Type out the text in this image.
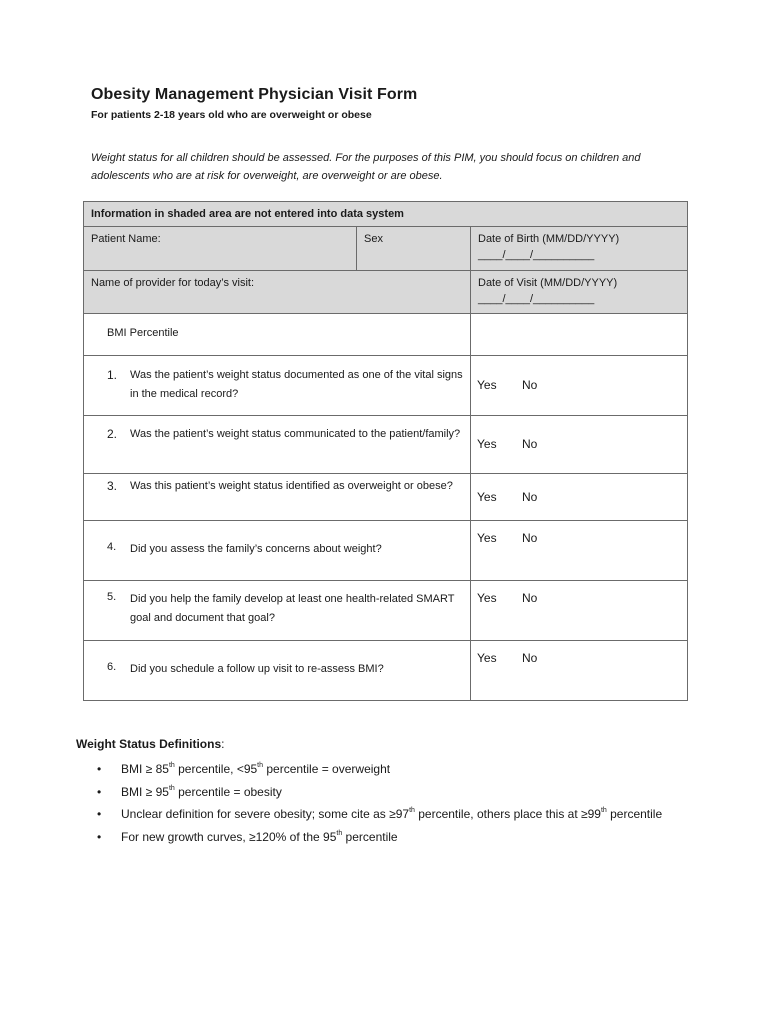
Obesity Management Physician Visit Form
For patients 2-18 years old who are overweight or obese
Weight status for all children should be assessed. For the purposes of this PIM, you should focus on children and adolescents who are at risk for overweight, are overweight or are obese.
Information in shaded area are not entered into data system		
Patient Name:	Sex	Date of Birth (MM/DD/YYYY)
____/____/__________

Name of provider for today’s visit:		Date of Visit (MM/DD/YYYY)
____/____/__________

BMI Percentile		

1. Was the patient’s weight status documented as one of the vital signs in the medical record?		Yes No

2. Was the patient’s weight status communicated to the patient/family?		Yes No

3. Was this patient’s weight status identified as overweight or obese?		Yes No

4. Did you assess the family’s concerns about weight?		Yes No

5. Did you help the family develop at least one health-related SMART goal and document that goal?		Yes No

6. Did you schedule a follow up visit to re-assess BMI?		Yes No
Weight Status Definitions:
• BMI ≥ 85th percentile, <95th percentile = overweight
• BMI ≥ 95th percentile = obesity
• Unclear definition for severe obesity; some cite as ≥97th percentile, others place this at ≥99th percentile
• For new growth curves, ≥120% of the 95th percentile
